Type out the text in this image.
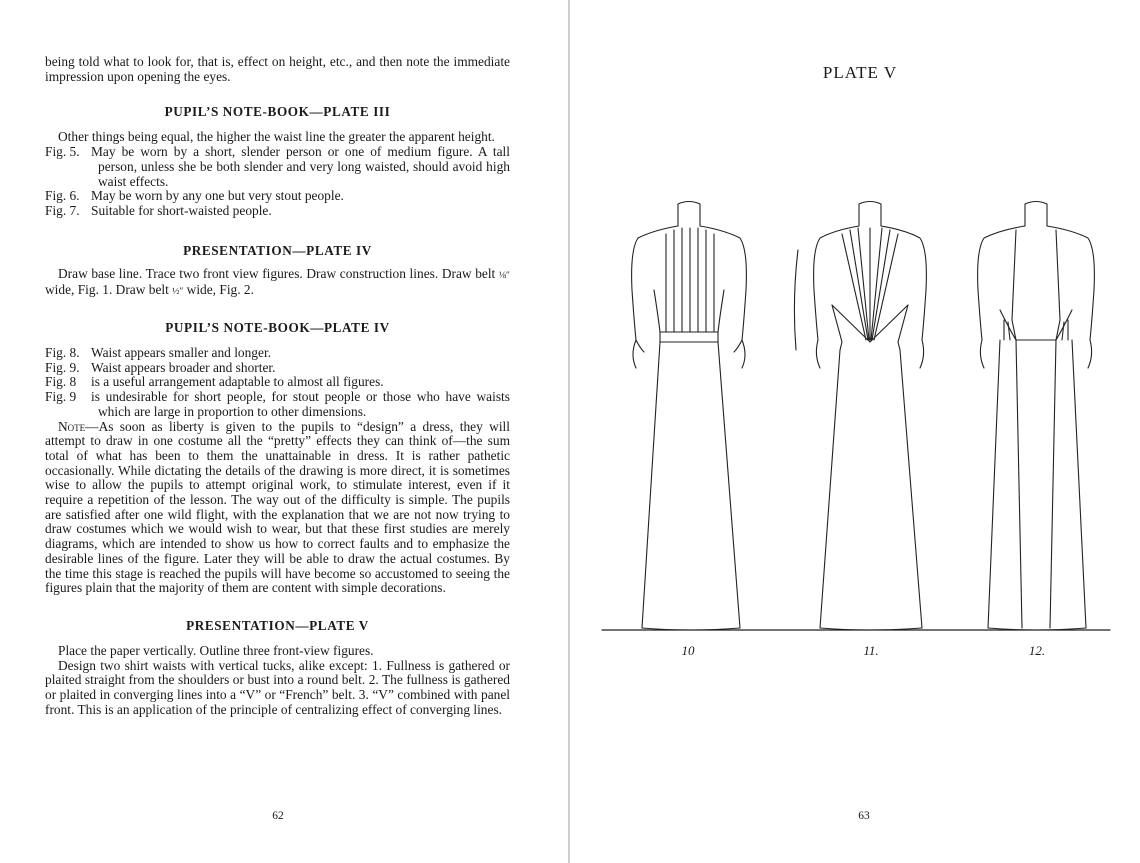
being told what to look for, that is, effect on height, etc., and then note the immediate impression upon opening the eyes.

PUPIL’S NOTE-BOOK—PLATE III

Other things being equal, the higher the waist line the greater the apparent height.

Fig. 5. May be worn by a short, slender person or one of medium figure. A tall person, unless she be both slender and very long waisted, should avoid high waist effects.
Fig. 6. May be worn by any one but very stout people.
Fig. 7. Suitable for short-waisted people.
PRESENTATION—PLATE IV

Draw base line. Trace two front view figures. Draw construction lines. Draw belt ⅛″ wide, Fig. 1. Draw belt ½″ wide, Fig. 2.

PUPIL’S NOTE-BOOK—PLATE IV
Fig. 8. Waist appears smaller and longer.
Fig. 9. Waist appears broader and shorter.
Fig. 8 is a useful arrangement adaptable to almost all figures.
Fig. 9 is undesirable for short people, for stout people or those who have waists which are large in proportion to other dimensions.

Note—As soon as liberty is given to the pupils to “design” a dress, they will attempt to draw in one costume all the “pretty” effects they can think of—the sum total of what has been to them the unattainable in dress. It is rather pathetic occasionally. While dictating the details of the drawing is more direct, it is sometimes wise to allow the pupils to attempt original work, to stimulate interest, even if it require a repetition of the lesson. The way out of the difficulty is simple. The pupils are satisfied after one wild flight, with the explanation that we are not now trying to draw costumes which we would wish to wear, but that these first studies are merely diagrams, which are intended to show us how to correct faults and to emphasize the desirable lines of the figure. Later they will be able to draw the actual costumes. By the time this stage is reached the pupils will have become so accustomed to seeing the figures plain that the majority of them are content with simple decorations.

PRESENTATION—PLATE V

Place the paper vertically. Outline three front-view figures.

Design two shirt waists with vertical tucks, alike except: 1. Fullness is gathered or plaited straight from the shoulders or bust into a round belt. 2. The fullness is gathered or plaited in converging lines into a “V” or “French” belt. 3. “V” combined with panel front. This is an application of the principle of centralizing effect of converging lines.

62
PLATE V
10	11.	12.
63
